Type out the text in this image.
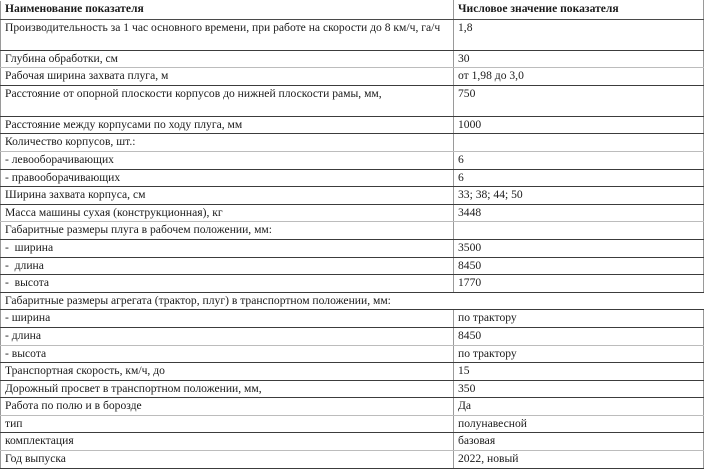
Наименование показателя	Числовое значение показателя
Производительность за 1 час основного времени, при работе на скорости до 8 км/ч, га/ч	1,8
Глубина обработки, см	30
Рабочая ширина захвата плуга, м	от 1,98 до 3,0
Расстояние от опорной плоскости корпусов до нижней плоскости рамы, мм,	750
Расстояние между корпусами по ходу плуга, мм	1000
Количество корпусов, шт.:	
- левооборачивающих	6
- правооборачивающих	6
Ширина захвата корпуса, см	33; 38; 44; 50
Масса машины сухая (конструкционная), кг	3448
Габаритные размеры плуга в рабочем положении, мм:	
-  ширина	3500
-  длина	8450
-  высота	1770
Габаритные размеры агрегата (трактор, плуг) в транспортном положении, мм:	
- ширина	по трактору
- длина	8450
- высота	по трактору
Транспортная скорость, км/ч, до	15
Дорожный просвет в транспортном положении, мм,	350
Работа по полю и в борозде	Да
тип	полунавесной
комплектация	базовая
Год выпуска	2022, новый
